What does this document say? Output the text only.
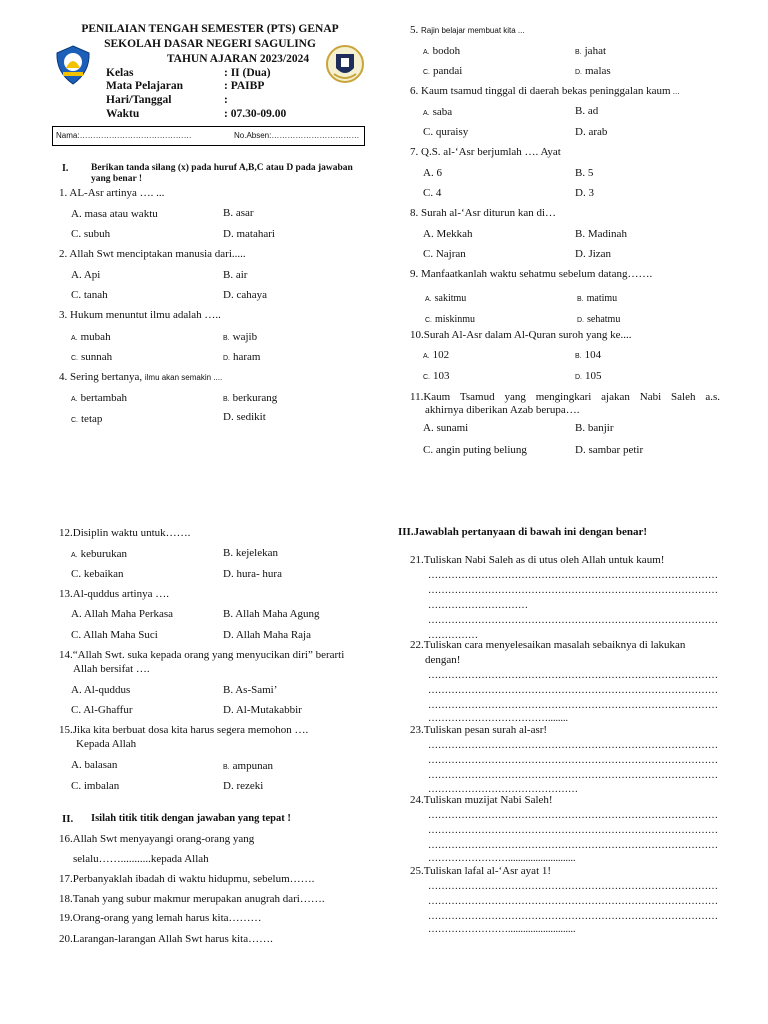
PENILAIAN TENGAH SEMESTER (PTS) GENAP
SEKOLAH DASAR NEGERI SAGULING
TAHUN AJARAN 2023/2024
Kelas	: II (Dua)
Mata Pelajaran	: PAIBP
Hari/Tanggal	:
Waktu	: 07.30-09.00
Nama:……………………………………	No.Absen:……………………………
I. Berikan tanda silang (x) pada huruf A,B,C atau D pada jawaban
yang benar !
1. AL-Asr artinya …. ...
A. masa atau waktu	B. asar
C. subuh	D. matahari
2. Allah Swt menciptakan manusia dari.....
A. Api	B. air
C. tanah	D. cahaya
3. Hukum menuntut ilmu adalah …..
A. mubah	B. wajib
C. sunnah	D. haram
4. Sering bertanya, ilmu akan semakin ....
A. bertambah	B. berkurang
C. tetap	D. sedikit
5. Rajin belajar membuat kita ...
A. bodoh	B. jahat
C. pandai	D. malas
6. Kaum tsamud tinggal di daerah bekas peninggalan kaum ...
A. saba	B. ad
C. quraisy	D. arab
7. Q.S. al-‘Asr berjumlah …. Ayat
A. 6	B. 5
C. 4	D. 3
8. Surah al-‘Asr diturun kan di…
A. Mekkah	B. Madinah
C. Najran	D. Jizan
9. Manfaatkanlah waktu sehatmu sebelum datang…….
A. sakitmu	B. matimu
C. miskinmu	D. sehatmu
10.Surah Al-Asr dalam Al-Quran suroh yang ke....
A. 102	B. 104
C. 103	D. 105
11.Kaum Tsamud yang mengingkari ajakan Nabi Saleh a.s.
akhirnya diberikan Azab berupa….
A. sunami	B. banjir
C. angin puting beliung	D. sambar petir
12.Disiplin waktu untuk…….
A. keburukan	B. kejelekan
C. kebaikan	D. hura- hura
13.Al-quddus artinya ….
A. Allah Maha Perkasa	B. Allah Maha Agung
C. Allah Maha Suci	D. Allah Maha Raja
14.“Allah Swt. suka kepada orang yang menyucikan diri” berarti
Allah bersifat ….
A. Al-quddus	B. As-Sami’
C. Al-Ghaffur	D. Al-Mutakabbir
15.Jika kita berbuat dosa kita harus segera memohon ….
Kepada Allah
A. balasan	B. ampunan
C. imbalan	D. rezeki
II. Isilah titik titik dengan jawaban yang tepat !
16.Allah Swt menyayangi orang-orang yang
selalu……...........kepada Allah
17.Perbanyaklah ibadah di waktu hidupmu, sebelum…….
18.Tanah yang subur makmur merupakan anugrah dari…….
19.Orang-orang yang lemah harus kita………
20.Larangan-larangan Allah Swt harus kita…….
III.Jawablah pertanyaan di bawah ini dengan benar!
21.Tuliskan Nabi Saleh as di utus oleh Allah untuk kaum!
……………………………………………………………………………
……………………………………………………………………………
…………………………
……………………………………………………………………………
……………
22.Tuliskan cara menyelesaikan masalah sebaiknya di lakukan
dengan!
……………………………………………………………………………
……………………………………………………………………………
……………………………………………………………………………
………………………………........
23.Tuliskan pesan surah al-asr!
……………………………………………………………………………
……………………………………………………………………………
……………………………………………………………………………
………………………………………
24.Tuliskan muzijat Nabi Saleh!
……………………………………………………………………………
……………………………………………………………………………
……………………………………………………………………………
……………………...........................
25.Tuliskan lafal al-‘Asr ayat 1!
……………………………………………………………………………
……………………………………………………………………………
……………………………………………………………………………
……………………...........................
